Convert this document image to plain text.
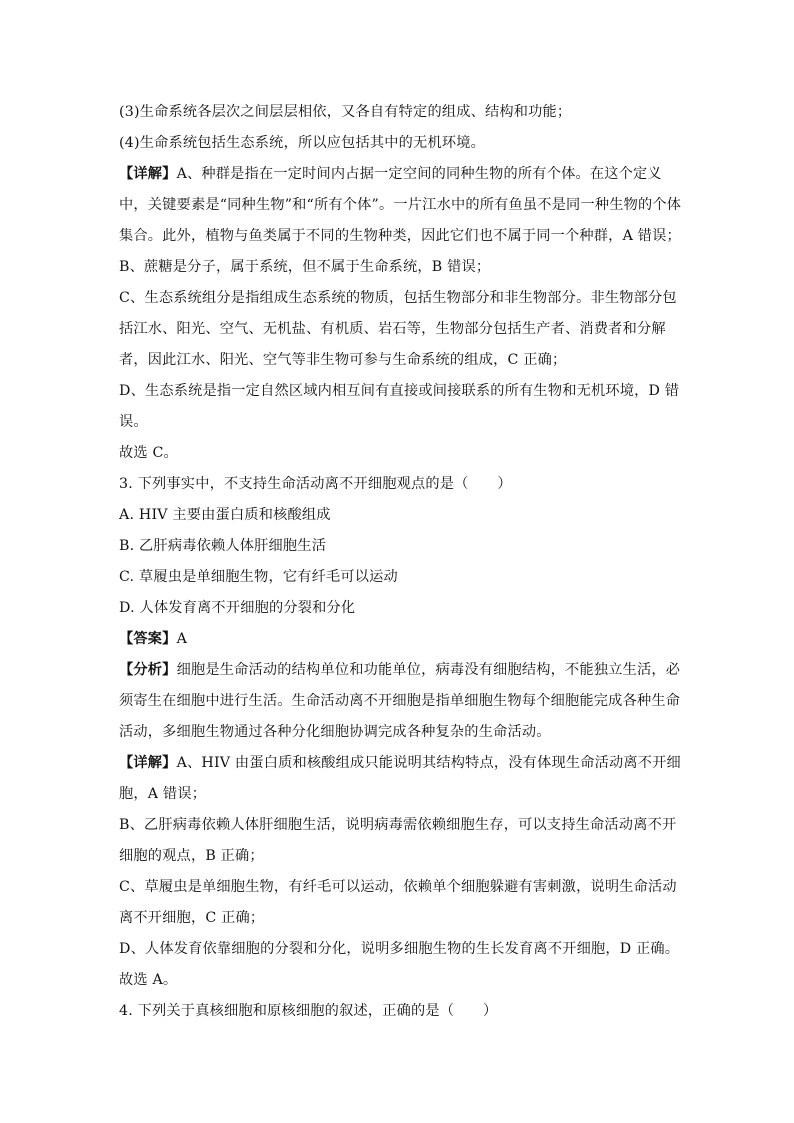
(3)生命系统各层次之间层层相依，又各自有特定的组成、结构和功能；

(4)生命系统包括生态系统，所以应包括其中的无机环境。

【详解】A、种群是指在一定时间内占据一定空间的同种生物的所有个体。在这个定义

中，关键要素是“同种生物”和“所有个体”。一片江水中的所有鱼虽不是同一种生物的个体

集合。此外，植物与鱼类属于不同的生物种类，因此它们也不属于同一个种群，A 错误；

B、蔗糖是分子，属于系统，但不属于生命系统，B 错误；

C、生态系统组分是指组成生态系统的物质，包括生物部分和非生物部分。非生物部分包

括江水、阳光、空气、无机盐、有机质、岩石等，生物部分包括生产者、消费者和分解

者，因此江水、阳光、空气等非生物可参与生命系统的组成，C 正确；

D、生态系统是指一定自然区域内相互间有直接或间接联系的所有生物和无机环境，D 错

误。

故选 C。

3. 下列事实中，不支持生命活动离不开细胞观点的是（　　）

A. HIV 主要由蛋白质和核酸组成

B. 乙肝病毒依赖人体肝细胞生活

C. 草履虫是单细胞生物，它有纤毛可以运动

D. 人体发育离不开细胞的分裂和分化

【答案】A

【分析】细胞是生命活动的结构单位和功能单位，病毒没有细胞结构，不能独立生活，必

须寄生在细胞中进行生活。生命活动离不开细胞是指单细胞生物每个细胞能完成各种生命

活动，多细胞生物通过各种分化细胞协调完成各种复杂的生命活动。

【详解】A、HIV 由蛋白质和核酸组成只能说明其结构特点，没有体现生命活动离不开细

胞，A 错误；

B、乙肝病毒依赖人体肝细胞生活，说明病毒需依赖细胞生存，可以支持生命活动离不开

细胞的观点，B 正确；

C、草履虫是单细胞生物，有纤毛可以运动，依赖单个细胞躲避有害刺激，说明生命活动

离不开细胞，C 正确；

D、人体发育依靠细胞的分裂和分化，说明多细胞生物的生长发育离不开细胞，D 正确。

故选 A。

4. 下列关于真核细胞和原核细胞的叙述，正确的是（　　）
